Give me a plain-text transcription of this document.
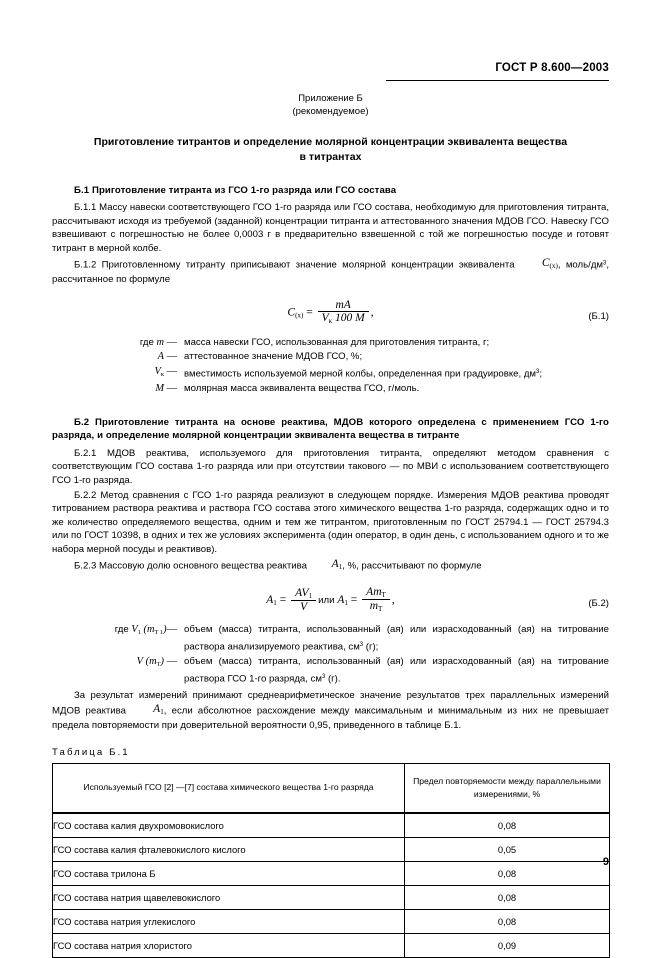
ГОСТ Р 8.600—2003
Приложение Б
(рекомендуемое)
Приготовление титрантов и определение молярной концентрации эквивалента вещества
в титрантах
Б.1 Приготовление титранта из ГСО 1-го разряда или ГСО состава

Б.1.1 Массу навески соответствующего ГСО 1-го разряда или ГСО состава, необходимую для приготовления титранта, рассчитывают исходя из требуемой (заданной) концентрации титранта и аттестованного значения МДОВ ГСО. Навеску ГСО взвешивают с погрешностью не более 0,0003 г в предварительно взвешенной с той же погрешностью посуде и готовят титрант в мерной колбе.

Б.1.2 Приготовленному титранту приписывают значение молярной концентрации эквивалента $C_{(x)}$, моль/$дм^3$, рассчитанное по формуле

$C_{(x)} = \frac{mA}{V_к 100 M}$ ,	(Б.1)
где m — масса навески ГСО, использованная для приготовления титранта, г;
A — аттестованное значение МДОВ ГСО, %;
$V_к$ — вместимость используемой мерной колбы, определенная при градуировке, $дм^3$;
M — молярная масса эквивалента вещества ГСО, г/моль.
Б.2 Приготовление титранта на основе реактива, МДОВ которого определена с применением ГСО 1-го разряда, и определение молярной концентрации эквивалента вещества в титранте

Б.2.1 МДОВ реактива, используемого для приготовления титранта, определяют методом сравнения с соответствующим ГСО состава 1-го разряда или при отсутствии такового — по МВИ с использованием соответствующего ГСО 1-го разряда.

Б.2.2 Метод сравнения с ГСО 1-го разряда реализуют в следующем порядке. Измерения МДОВ реактива проводят титрованием раствора реактива и раствора ГСО состава этого химического вещества 1-го разряда, содержащих одно и то же количество определяемого вещества, одним и тем же титрантом, приготовленным по ГОСТ 25794.1 — ГОСТ 25794.3 или по ГОСТ 10398, в одних и тех же условиях эксперимента (один оператор, в один день, с использованием одного и то же набора мерной посуды и реактивов).

Б.2.3 Массовую долю основного вещества реактива $A_1$, %, рассчитывают по формуле

$A_1 = \frac{AV_1}{V}$ или $A_1 = \frac{Am_T}{m_T}$ ,	(Б.2)
где $V_1$ $(m_{T 1})—$ объем (масса) титранта, использованный (ая) или израсходованный (ая) на титрование раствора анализируемого реактива, $см^3$ (г);
V $(m_T)$ — объем (масса) титранта, использованный (ая) или израсходованный (ая) на титрование раствора ГСО 1-го разряда, $см^3$ (г).

За результат измерений принимают среднеарифметическое значение результатов трех параллельных измерений МДОВ реактива $A_1$, если абсолютное расхождение между максимальным и минимальным из них не превышает предела повторяемости при доверительной вероятности 0,95, приведенного в таблице Б.1.

Таблица Б.1
Используемый ГСО [2] —[7] состава химического вещества 1-го разряда	Предел повторяемости между параллельными измерениями, %
ГСО состава калия двухромовокислого	0,08
ГСО состава калия фталевокислого кислого	0,05
ГСО состава трилона Б	0,08
ГСО состава натрия щавелевокислого	0,08
ГСО состава натрия углекислого	0,08
ГСО состава натрия хлористого	0,09
9
